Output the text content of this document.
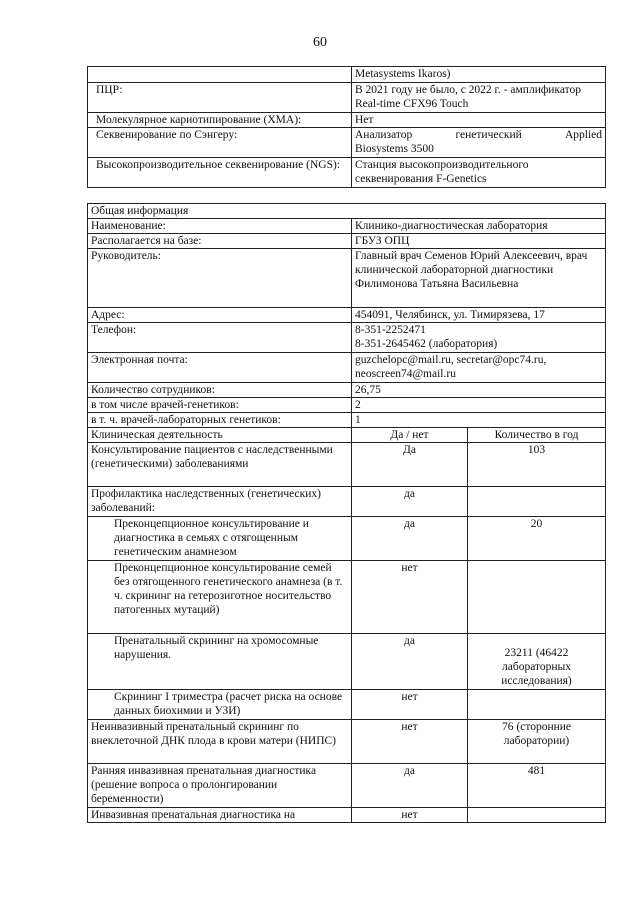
60
	Metasystems Ikaros)
ПЦР:	В 2021 году не было, с 2022 г. - амплификатор Real-time CFX96 Touch
Молекулярное кариотипирование (ХМА):	Нет
Секвенирование по Сэнгеру:	Анализатор генетический Applied
Biosystems 3500

Высокопроизводительное секвенирование (NGS):	Станция высокопроизводительного секвенирования F-Genetics
Общая информация		
Наименование:	Клинико-диагностическая лаборатория	
Располагается на базе:	ГБУЗ ОПЦ	
Руководитель:	Главный врач Семенов Юрий Алексеевич, врач клинической лабораторной диагностики Филимонова Татьяна Васильевна	
Адрес:	454091, Челябинск, ул. Тимирязева, 17	
Телефон:	8-351-2252471
8-351-2645462 (лаборатория)	

Электронная почта:	guzchelopc@mail.ru, secretar@opc74.ru, neoscreen74@mail.ru	
Количество сотрудников:	26,75	
в том числе врачей-генетиков:	2	
в т. ч. врачей-лабораторных генетиков:	1	
Клиническая деятельность	Да / нет	Количество в год
Консультирование пациентов с наследственными (генетическими) заболеваниями	Да	103
Профилактика наследственных (генетических) заболеваний:	да	
Преконцепционное консультирование и диагностика в семьях с отягощенным генетическим анамнезом	да	20
Преконцепционное консультирование семей без отягощенного генетического анамнеза (в т. ч. скрининг на гетерозиготное носительство патогенных мутаций)	нет	
Пренатальный скрининг на хромосомные нарушения.	да	23211 (46422 лабораторных исследования)
Скрининг I триместра (расчет риска на основе данных биохимии и УЗИ)	нет	
Неинвазивный пренатальный скрининг по внеклеточной ДНК плода в крови матери (НИПС)	нет	76 (сторонние лаборатории)
Ранняя инвазивная пренатальная диагностика (решение вопроса о пролонгировании беременности)	да	481
Инвазивная пренатальная диагностика на	нет	
